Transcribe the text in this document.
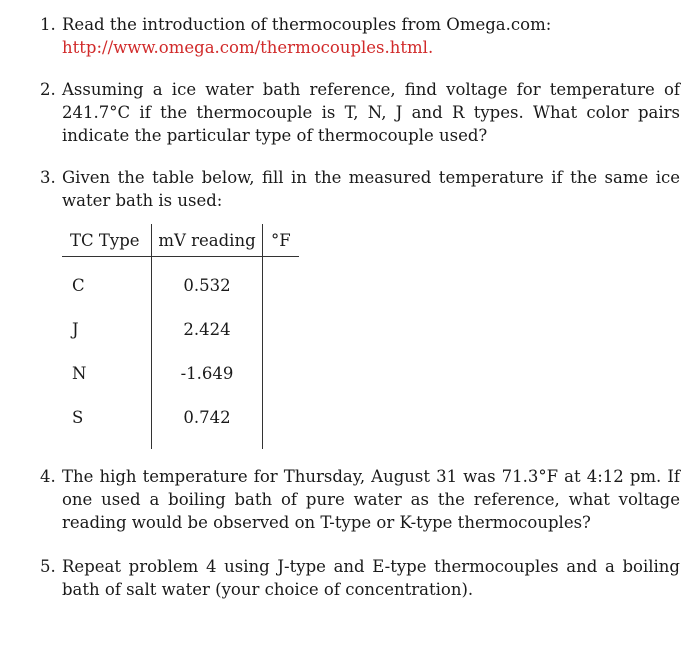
1. Read the introduction of thermocouples from Omega.com:
http://www.omega.com/thermocouples.html.
2. Assuming a ice water bath reference, find voltage for temperature of 241.7°C if the thermocouple is T, N, J and R types. What color pairs indicate the particular type of thermocouple used?
3. Given the table below, fill in the measured temperature if the same ice water bath is used:
TC Type	mV reading	°F

C	0.532	

J	2.424	

N	-1.649	

S	0.742	

4. The high temperature for Thursday, August 31 was 71.3°F at 4:12 pm. If one used a boiling bath of pure water as the reference, what voltage reading would be observed on T-type or K-type thermocouples?
5. Repeat problem 4 using J-type and E-type thermocouples and a boiling bath of salt water (your choice of concentration).
